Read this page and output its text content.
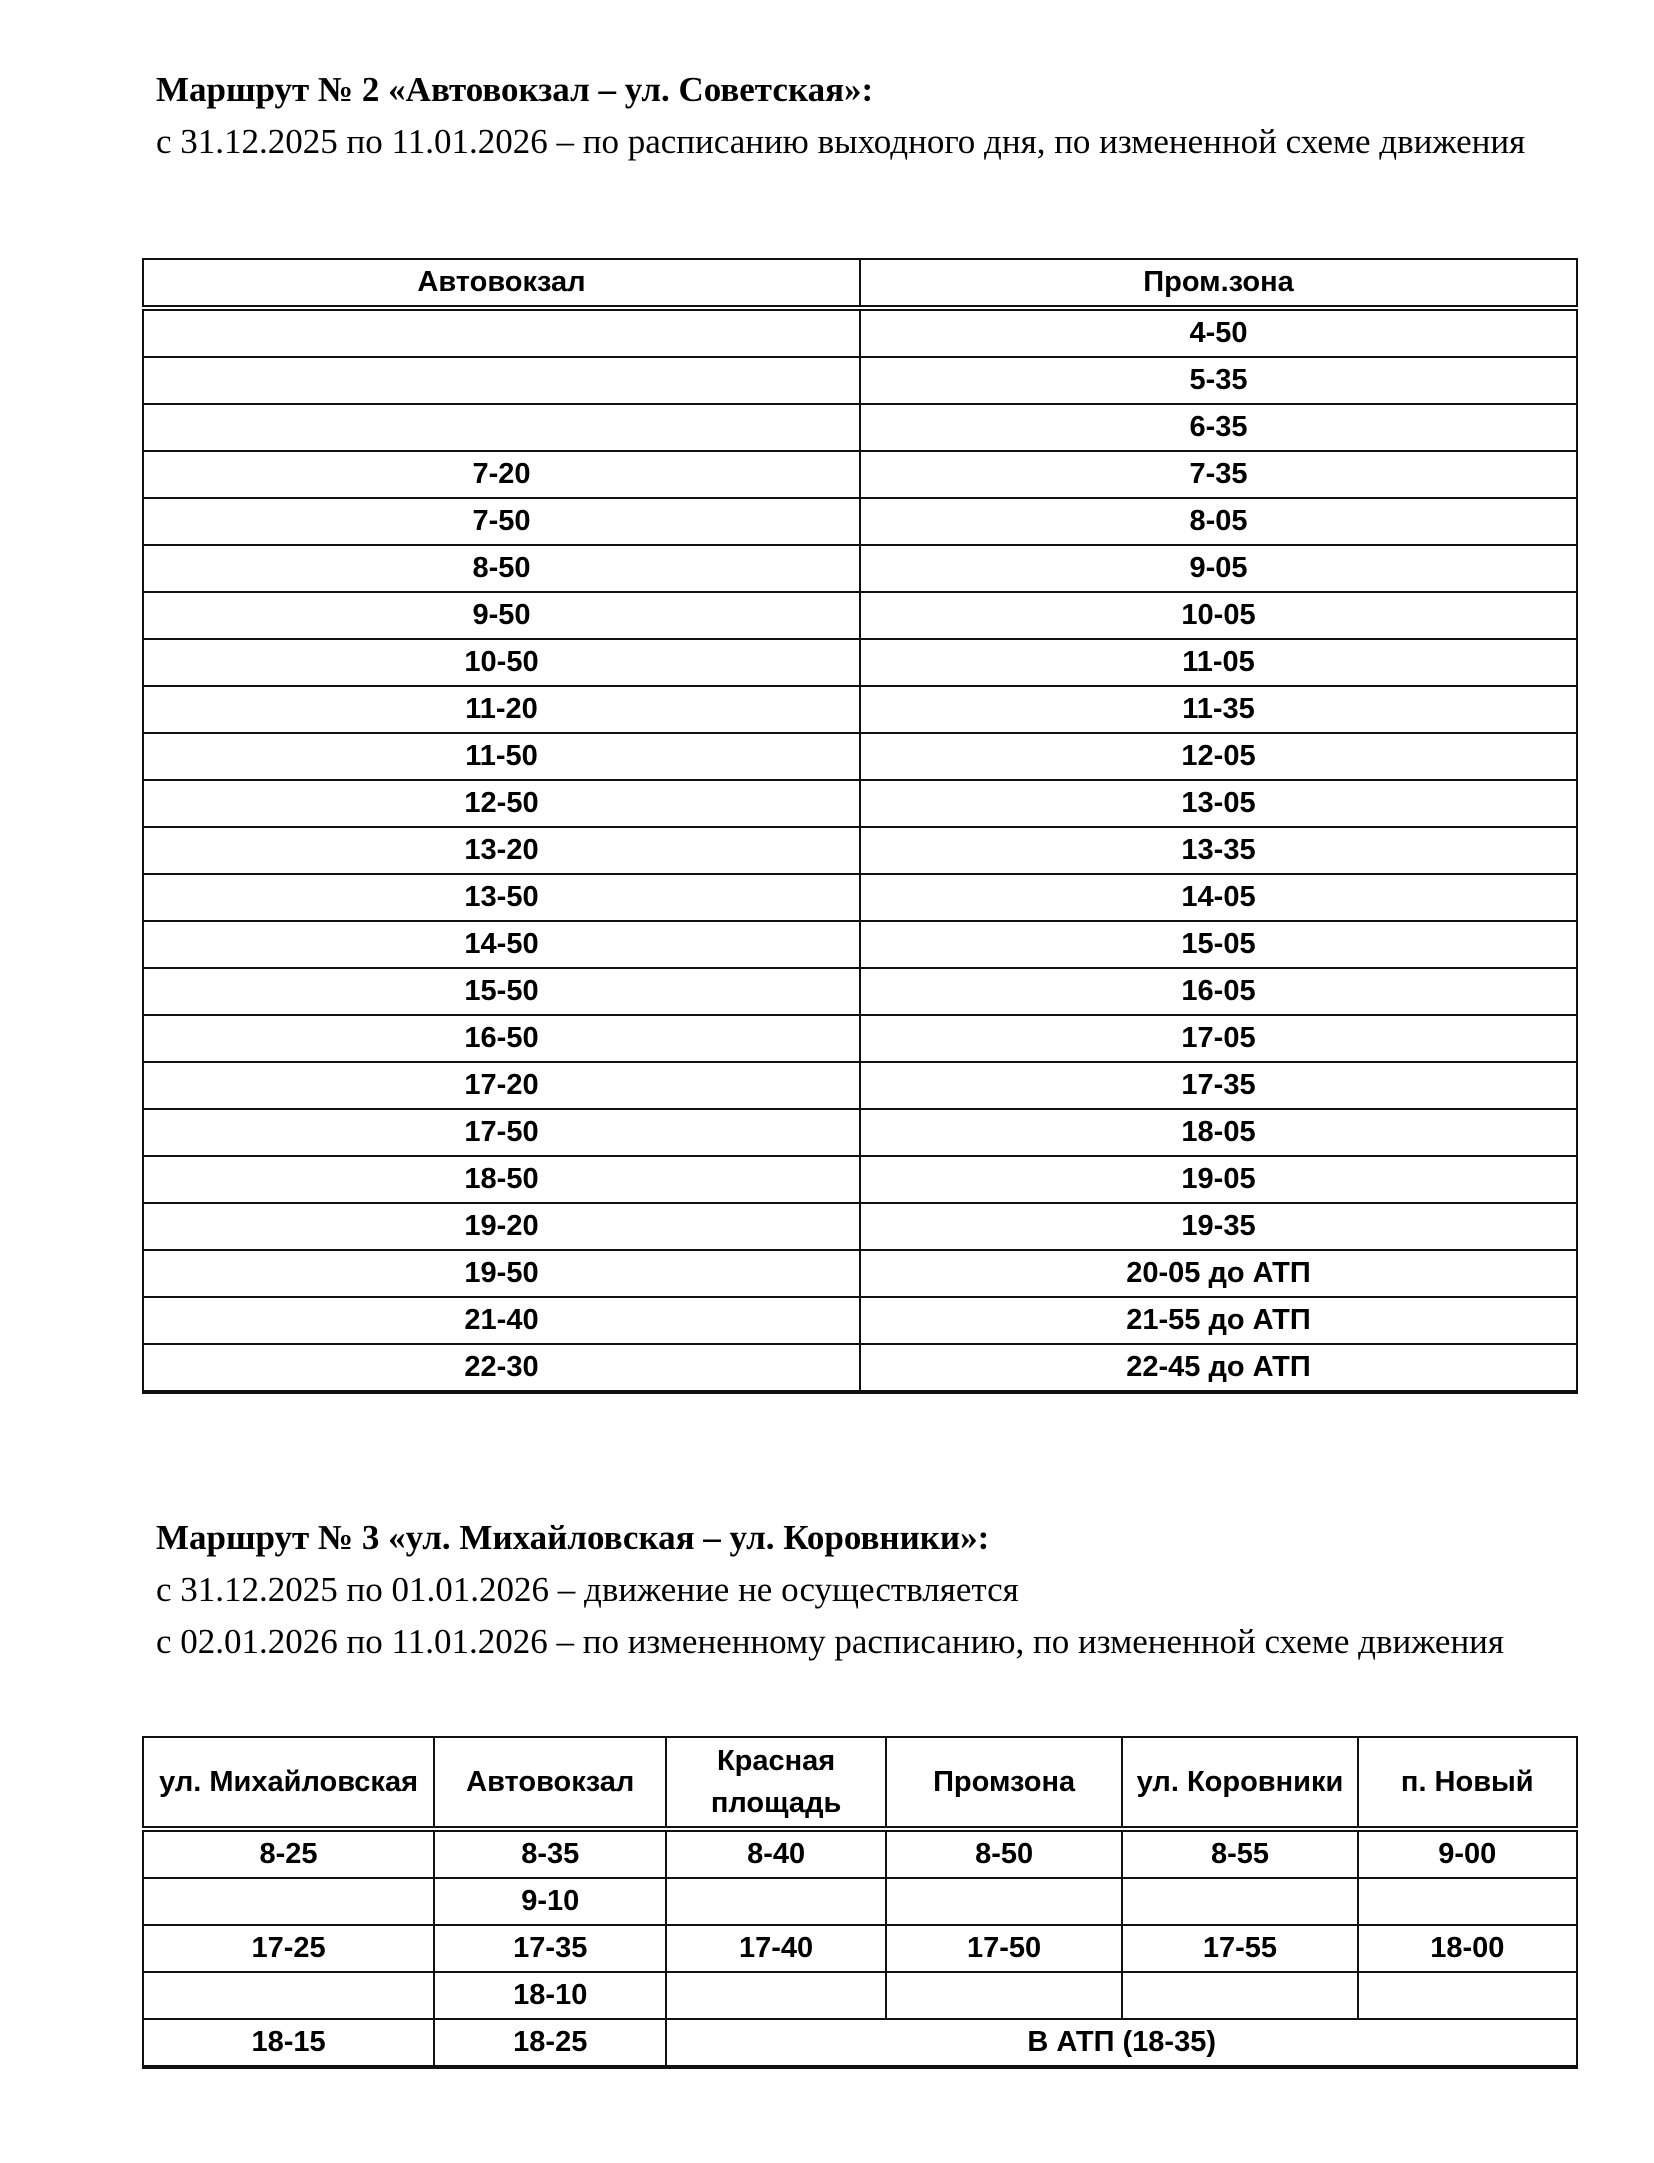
Маршрут № 2 «Автовокзал – ул. Советская»:

с 31.12.2025 по 11.01.2026 – по расписанию выходного дня, по измененной схеме движения

Автовокзал	Пром.зона
	4-50
	5-35
	6-35
7-20	7-35
7-50	8-05
8-50	9-05
9-50	10-05
10-50	11-05
11-20	11-35
11-50	12-05
12-50	13-05
13-20	13-35
13-50	14-05
14-50	15-05
15-50	16-05
16-50	17-05
17-20	17-35
17-50	18-05
18-50	19-05
19-20	19-35
19-50	20-05 до АТП
21-40	21-55 до АТП
22-30	22-45 до АТП

Маршрут № 3 «ул. Михайловская – ул. Коровники»:

с 31.12.2025 по 01.01.2026 – движение не осуществляется

с 02.01.2026 по 11.01.2026 – по измененному расписанию, по измененной схеме движения

ул. Михайловская	Автовокзал	Красная площадь	Промзона	ул. Коровники	п. Новый
8-25	8-35	8-40	8-50	8-55	9-00
	9-10				
17-25	17-35	17-40	17-50	17-55	18-00
	18-10				
18-15	18-25	В АТП (18-35)			
